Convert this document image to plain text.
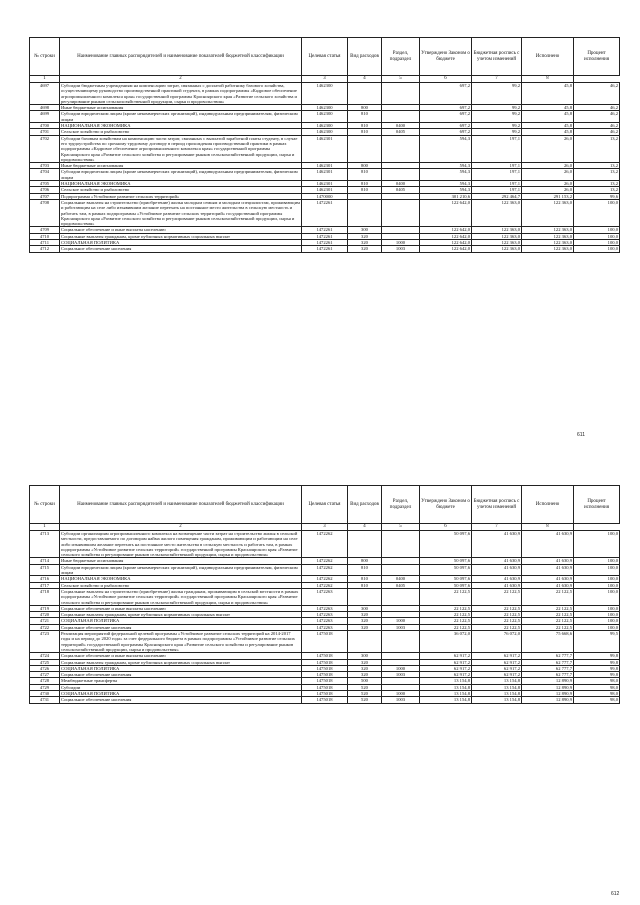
№ строки	Наименование главных распорядителей и наименование показателей бюджетной классификации	Целевая статья	Вид расходов	Раздел, подраздел	Утверждено Законом о бюджете	Бюджетная роспись с учетом изменений	Исполнено	Процент исполнения
1	2	3	4	5	6	7	8	
4697	Субсидии бюджетным учреждениям на компенсацию затрат, связанных с доплатой работнику базового хозяйства, осуществляющему руководство производственной практикой студента, в рамках подпрограммы «Кадровое обеспечение агропромышленного комплекса края» государственной программы Красноярского края «Развитие сельского хозяйства и регулирование рынков сельскохозяйственной продукции, сырья и продовольствия»	1462300			697,2	99,2	45,8	46,2
4698	Иные бюджетные ассигнования	1462300	800		697,2	99,2	45,8	46,2
4699	Субсидии юридическим лицам (кроме некоммерческих организаций), индивидуальным предпринимателям, физическим лицам	1462300	810		697,2	99,2	45,8	46,2
4700	НАЦИОНАЛЬНАЯ ЭКОНОМИКА	1462300	810	0400	697,2	99,2	45,8	46,2
4701	Сельское хозяйство и рыболовство	1462300	810	0405	697,2	99,2	45,8	46,2
4702	Субсидии базовым хозяйствам на компенсацию части затрат, связанных с выплатой заработной платы студенту, в случае его трудоустройства по срочному трудовому договору в период прохождения производственной практики в рамках подпрограммы «Кадровое обеспечение агропромышленного комплекса края» государственной программы Красноярского края «Развитие сельского хозяйства и регулирование рынков сельскохозяйственной продукции, сырья и продовольствия»	1462301			594,3	197,1	26,0	13,2
4703	Иные бюджетные ассигнования	1462301	800		594,3	197,1	26,0	13,2
4704	Субсидии юридическим лицам (кроме некоммерческих организаций), индивидуальным предпринимателям, физическим лицам	1462301	810		594,3	197,1	26,0	13,2
4705	НАЦИОНАЛЬНАЯ ЭКОНОМИКА	1462301	810	0400	594,3	197,1	26,0	13,2
4706	Сельское хозяйство и рыболовство	1462301	810	0405	594,3	197,1	26,0	13,2
4707	Подпрограмма «Устойчивое развитие сельских территорий»	1470000			301 210,6	292 464,7	291 153,2	99,6
4708	Социальные выплаты на строительство (приобретение) жилья молодым семьям и молодым специалистам, проживающим и работающим на селе либо изъявившим желание переехать на постоянное место жительства в сельскую местность и работать там, в рамках подпрограммы «Устойчивое развитие сельских территорий» государственной программы Красноярского края «Развитие сельского хозяйства и регулирование рынков сельскохозяйственной продукции, сырья и продовольствия»	1472261			122 642,0	122 363,0	122 363,0	100,0
4709	Социальное обеспечение и иные выплаты населению	1472261	300		122 642,0	122 363,0	122 363,0	100,0
4710	Социальные выплаты гражданам, кроме публичных нормативных социальных выплат	1472261	320		122 642,0	122 363,0	122 363,0	100,0
4711	СОЦИАЛЬНАЯ ПОЛИТИКА	1472261	320	1000	122 642,0	122 363,0	122 363,0	100,0
4712	Социальное обеспечение населения	1472261	320	1003	122 642,0	122 363,0	122 363,0	100,0
611
№ строки	Наименование главных распорядителей и наименование показателей бюджетной классификации	Целевая статья	Вид расходов	Раздел, подраздел	Утверждено Законом о бюджете	Бюджетная роспись с учетом изменений	Исполнено	Процент исполнения
1	2	3	4	5	6	7	8	
4713	Субсидии организациям агропромышленного комплекса на возмещение части затрат на строительство жилья в сельской местности, предоставляемого по договорам найма жилого помещения гражданам, проживающим и работающим на селе либо изъявившим желание переехать на постоянное место жительства в сельскую местность и работать там, в рамках подпрограммы «Устойчивое развитие сельских территорий» государственной программы Красноярского края «Развитие сельского хозяйства и регулирование рынков сельскохозяйственной продукции, сырья и продовольствия»	1472262			50 097,6	41 630,9	41 630,9	100,0
4714	Иные бюджетные ассигнования	1472262	800		50 097,6	41 630,9	41 630,9	100,0
4715	Субсидии юридическим лицам (кроме некоммерческих организаций), индивидуальным предпринимателям, физическим лицам	1472262	810		50 097,6	41 630,9	41 630,9	100,0
4716	НАЦИОНАЛЬНАЯ ЭКОНОМИКА	1472262	810	0400	50 097,6	41 630,9	41 630,9	100,0
4717	Сельское хозяйство и рыболовство	1472262	810	0405	50 097,6	41 630,9	41 630,9	100,0
4718	Социальные выплаты на строительство (приобретение) жилья гражданам, проживающим в сельской местности в рамках подпрограммы «Устойчивое развитие сельских территорий» государственной программы Красноярского края «Развитие сельского хозяйства и регулирование рынков сельскохозяйственной продукции, сырья и продовольствия»	1472263			22 122,5	22 122,5	22 122,5	100,0
4719	Социальное обеспечение и иные выплаты населению	1472263	300		22 122,5	22 122,5	22 122,5	100,0
4720	Социальные выплаты гражданам, кроме публичных нормативных социальных выплат	1472263	320		22 122,5	22 122,5	22 122,5	100,0
4721	СОЦИАЛЬНАЯ ПОЛИТИКА	1472263	320	1000	22 122,5	22 122,5	22 122,5	100,0
4722	Социальное обеспечение населения	1472263	320	1003	22 122,5	22 122,5	22 122,5	100,0
4723	Реализация мероприятий федеральной целевой программы «Устойчивое развитие сельских территорий на 2014-2017 годы и на период до 2020 года» за счет федерального бюджета в рамках подпрограммы «Устойчивое развитие сельских территорий» государственной программы Красноярского края «Развитие сельского хозяйства и регулирование рынков сельскохозяйственной продукции, сырья и продовольствия»	1475018			36 072,0	76 072,0	75 668,6	99,5
4724	Социальное обеспечение и иные выплаты населению	1475018	300		62 917,2	62 917,2	62 777,7	99,8
4725	Социальные выплаты гражданам, кроме публичных нормативных социальных выплат	1475018	320		62 917,2	62 917,2	62 777,7	99,8
4726	СОЦИАЛЬНАЯ ПОЛИТИКА	1475018	320	1000	62 917,2	62 917,2	62 777,7	99,8
4727	Социальное обеспечение населения	1475018	320	1003	62 917,2	62 917,2	62 777,7	99,8
4728	Межбюджетные трансферты	1475018	500		13 154,8	13 154,8	12 890,9	98,0
4729	Субсидии	1475018	520		13 154,8	13 154,8	12 890,9	98,0
4730	СОЦИАЛЬНАЯ ПОЛИТИКА	1475018	520	1000	13 154,8	13 154,8	12 890,9	98,0
4731	Социальное обеспечение населения	1475018	520	1003	13 154,8	13 154,8	12 890,9	98,0
612
